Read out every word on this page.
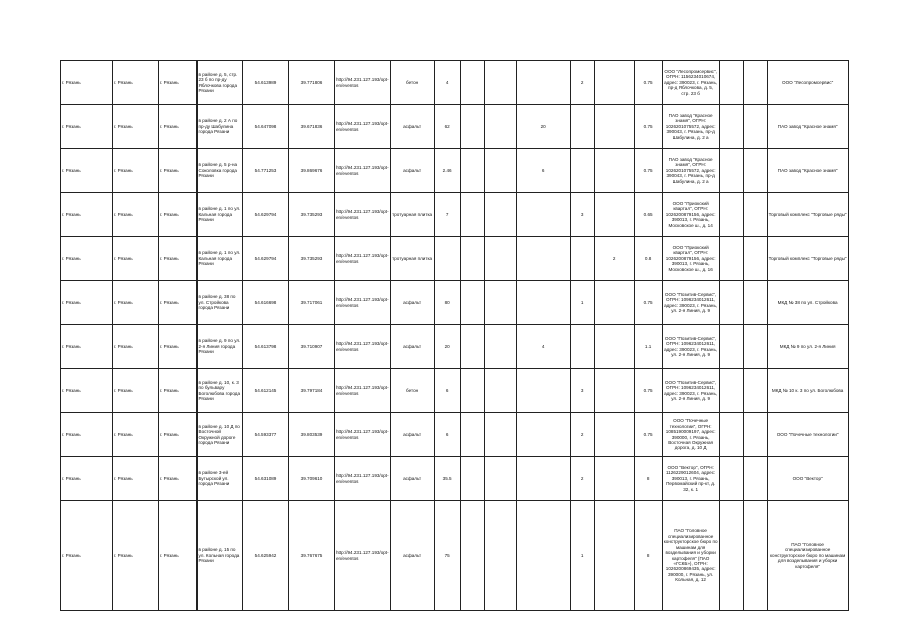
г. Рязань	г. Рязань	г. Рязань	в районе д. 5, стр. 23 б по пр-ду Яблочкова города Рязани	54.613989	39.771806	http://94.231.127.193/opt-en/eventos	бетон	4				2		0.75	ООО "Лесопромсервис", ОГРН: 1156234010674, адрес: 390023, г. Рязань, пр-д Яблочкова, д. 5, стр. 23 б			ООО "Лесопромсервис"
г. Рязань	г. Рязань	г. Рязань	в районе д. 2 А по пр-ду Шабулина города Рязани	54.647098	39.671836	http://94.231.127.193/opt-en/eventos	асфальт	62			20			0.75	ПАО завод "Красное знамя", ОГРН: 1026201075572, адрес: 390043, г. Рязань, пр-д Шабулина, д. 2 а			ПАО завод "Красное знамя"
г. Рязань	г. Рязань	г. Рязань	в районе д. 5 р-на Соколовка города Рязани	54.771253	39.869676	http://94.231.127.193/opt-en/eventos	асфальт	2.46			6			0.75	ПАО завод "Красное знамя", ОГРН: 1026201075572, адрес: 390043, г. Рязань, пр-д Шабулина, д. 2 а			ПАО завод "Красное знамя"
г. Рязань	г. Рязань	г. Рязань	в районе д. 1 по ул. Кальная города Рязани	54.629794	39.735293	http://94.231.127.193/opt-en/eventos	тротуарная плитка	7				3		0.65	ООО "Приокский квартал", ОГРН: 1026200879156, адрес: 390013, г. Рязань, Московское ш., д. 14			Торговый комплекс "Торговые ряды"
г. Рязань	г. Рязань	г. Рязань	в районе д. 1 по ул. Кальная города Рязани	54.629794	39.735293	http://94.231.127.193/opt-en/eventos	тротуарная плитка						2	0.8	ООО "Приокский квартал", ОГРН: 1026200879156, адрес: 390013, г. Рязань, Московское ш., д. 16			Торговый комплекс "Торговые ряды"
г. Рязань	г. Рязань	г. Рязань	в районе д. 38 по ул. Стройкова города Рязани	54.616698	39.717061	http://94.231.127.193/opt-en/eventos	асфальт	80				1		0.75	ООО "Позитив-Сервис", ОГРН: 1096234012611, адрес: 390023, г. Рязань, ул. 2-я Линия, д. 9			МКД № 38 по ул. Стройкова
г. Рязань	г. Рязань	г. Рязань	в районе д. 9 по ул. 2-я Линия города Рязани	54.613798	39.710907	http://94.231.127.193/opt-en/eventos	асфальт	20			4			1.1	ООО "Позитив-Сервис", ОГРН: 1096234012611, адрес: 390023, г. Рязань, ул. 2-я Линия, д. 9			МКД № 9 по ул. 2-я Линия
г. Рязань	г. Рязань	г. Рязань	в районе д. 10, к. 3 по бульвару Боголюбова города Рязани	54.612145	39.797184	http://94.231.127.193/opt-en/eventos	бетон	6				3		0.75	ООО "Позитив-Сервис", ОГРН: 1096234012611, адрес: 390023, г. Рязань, ул. 2-я Линия, д. 9			МКД № 10 к. 3 по ул. Боголюбова
г. Рязань	г. Рязань	г. Рязань	в районе д. 10 Д по Восточной Окружной дороге города Рязани	54.593377	39.803539	http://94.231.127.193/opt-en/eventos	асфальт	6				2		0.75	ООО "Почечные технологии", ОГРН: 1085190009197, адрес: 390000, г. Рязань, Восточная Окружная дорога, д. 10 Д			ООО "Почечные технологии"
г. Рязань	г. Рязань	г. Рязань	в районе 3-ей Бутырской ул. города Рязани	54.631089	39.709610	http://94.231.127.193/opt-en/eventos	асфальт	35.5				2		8	ООО "Вектор", ОГРН: 1126229012604, адрес: 390013, г. Рязань, Первомайский пр-кт, д. 32, к. 1			ООО "Вектор"
г. Рязань	г. Рязань	г. Рязань	в районе д. 15 по ул. Кольная города Рязани	54.625942	39.767675	http://94.231.127.193/opt-en/eventos	асфальт	75				1		8	ПАО "Головное специализированное конструкторское бюро по машинам для возделывания и уборки картофеля" (ПАО «ГСКБ»), ОГРН: 1026200869435, адрес: 390000, г. Рязань, ул. Кольная, д. 12			ПАО "Головное специализированное конструкторское бюро по машинам для возделывания и уборки картофеля"
